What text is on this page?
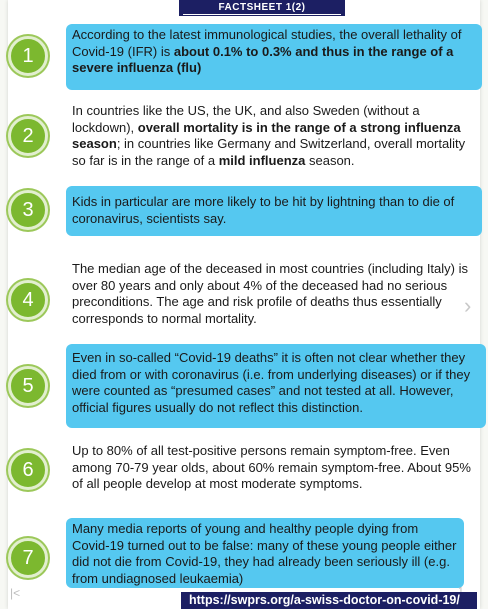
FACTSHEET 1(2)
1
According to the latest immunological studies, the overall lethality of Covid-19 (IFR) is about 0.1% to 0.3% and thus in the range of a severe influenza (flu)
2
In countries like the US, the UK, and also Sweden (without a lockdown), overall mortality is in the range of a strong influenza season; in countries like Germany and Switzerland, overall mortality so far is in the range of a mild influenza season.
3	Kids in particular are more likely to be hit by lightning than to die of coronavirus, scientists say.
4
The median age of the deceased in most countries (including Italy) is over 80 years and only about 4% of the deceased had no serious preconditions. The age and risk profile of deaths thus essentially corresponds to normal mortality.
5
Even in so-called “Covid-19 deaths” it is often not clear whether they died from or with coronavirus (i.e. from underlying diseases) or if they were counted as “presumed cases” and not tested at all. However, official figures usually do not reflect this distinction.
6
Up to 80% of all test-positive persons remain symptom-free. Even among 70-79 year olds, about 60% remain symptom-free. About 95% of all people develop at most moderate symptoms.
7
Many media reports of young and healthy people dying from Covid-19 turned out to be false: many of these young people either did not die from Covid-19, they had already been seriously ill (e.g. from undiagnosed leukaemia)
›
|<	https://swprs.org/a-swiss-doctor-on-covid-19/
